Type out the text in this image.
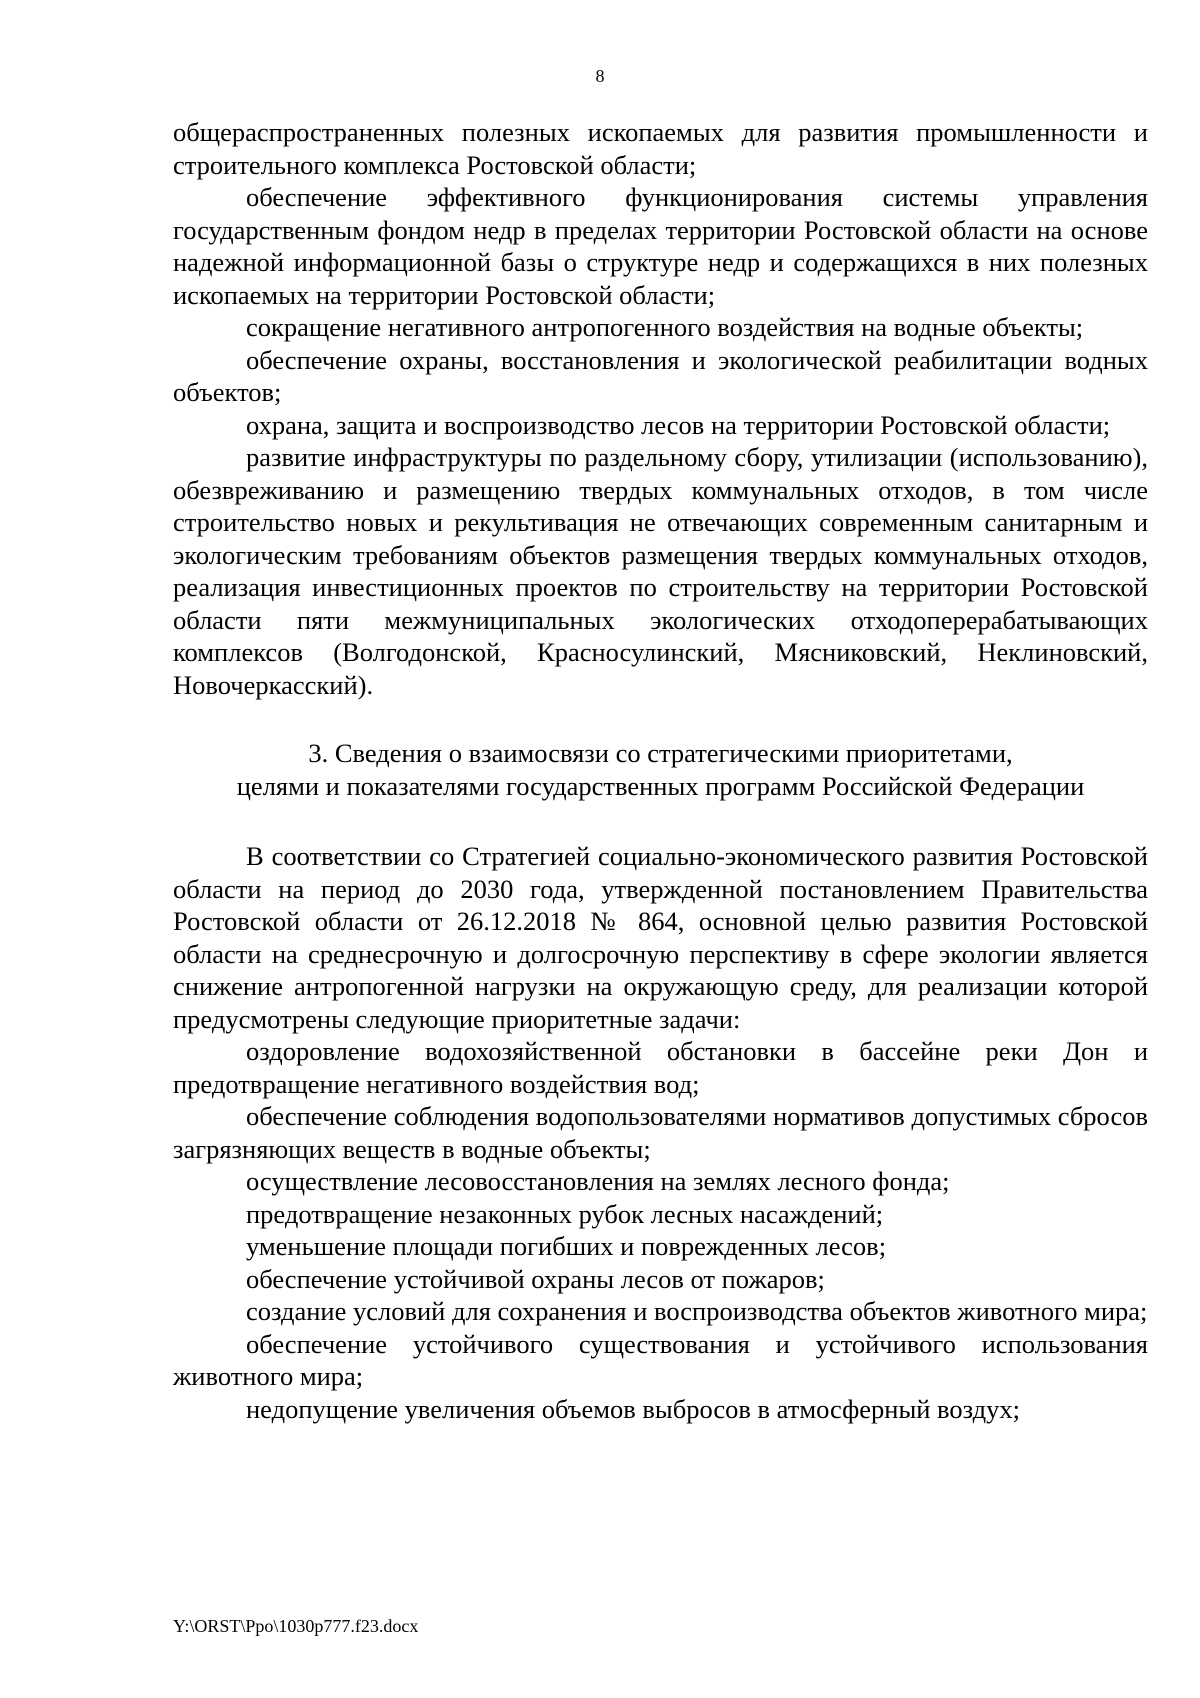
8

общераспространенных полезных ископаемых для развития промышленности и строительного комплекса Ростовской области;

обеспечение эффективного функционирования системы управления государственным фондом недр в пределах территории Ростовской области на основе надежной информационной базы о структуре недр и содержащихся в них полезных ископаемых на территории Ростовской области;

сокращение негативного антропогенного воздействия на водные объекты;

обеспечение охраны, восстановления и экологической реабилитации водных объектов;

охрана, защита и воспроизводство лесов на территории Ростовской области;

развитие инфраструктуры по раздельному сбору, утилизации (использованию), обезвреживанию и размещению твердых коммунальных отходов, в том числе строительство новых и рекультивация не отвечающих современным санитарным и экологическим требованиям объектов размещения твердых коммунальных отходов, реализация инвестиционных проектов по строительству на территории Ростовской области пяти межмуниципальных экологических отходоперерабатывающих комплексов (Волгодонской, Красносулинский, Мясниковский, Неклиновский, Новочеркасский).

3. Сведения о взаимосвязи со стратегическими приоритетами,
целями и показателями государственных программ Российской Федерации

В соответствии со Стратегией социально-экономического развития Ростовской области на период до 2030 года, утвержденной постановлением Правительства Ростовской области от 26.12.2018 № 864, основной целью развития Ростовской области на среднесрочную и долгосрочную перспективу в сфере экологии является снижение антропогенной нагрузки на окружающую среду, для реализации которой предусмотрены следующие приоритетные задачи:

оздоровление водохозяйственной обстановки в бассейне реки Дон и предотвращение негативного воздействия вод;

обеспечение соблюдения водопользователями нормативов допустимых сбросов загрязняющих веществ в водные объекты;

осуществление лесовосстановления на землях лесного фонда;

предотвращение незаконных рубок лесных насаждений;

уменьшение площади погибших и поврежденных лесов;

обеспечение устойчивой охраны лесов от пожаров;

создание условий для сохранения и воспроизводства объектов животного мира;

обеспечение устойчивого существования и устойчивого использования животного мира;

недопущение увеличения объемов выбросов в атмосферный воздух;

Y:\ORST\Ppo\1030p777.f23.docx
